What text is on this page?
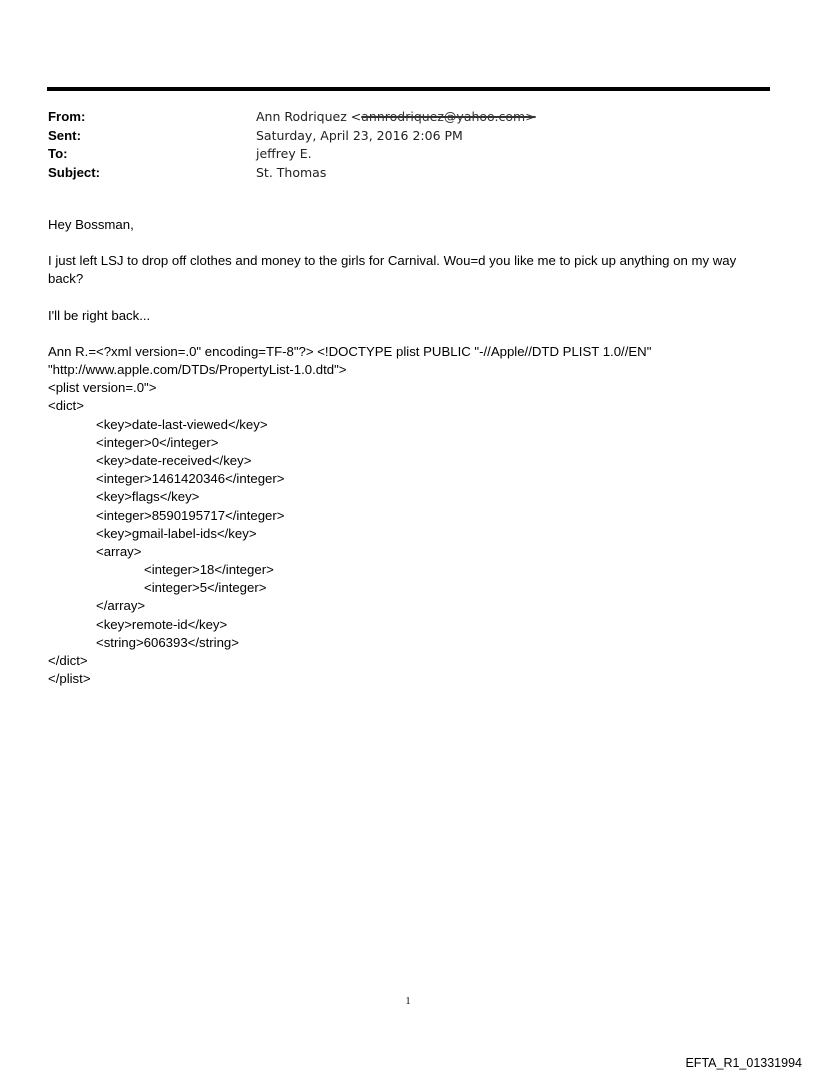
From:	Ann Rodriquez <annrodriquez@yahoo.com>
Sent:	Saturday, April 23, 2016 2:06 PM
To:	jeffrey E.
Subject:	St. Thomas

Hey Bossman,

I just left LSJ to drop off clothes and money to the girls for Carnival. Wou=d you like me to pick up anything on my way back?

I'll be right back...

Ann R.=<?xml version=.0" encoding=TF-8"?> <!DOCTYPE plist PUBLIC "-//Apple//DTD PLIST 1.0//EN"
"http://www.apple.com/DTDs/PropertyList-1.0.dtd">
<plist version=.0">
<dict>
<key>date-last-viewed</key>
<integer>0</integer>
<key>date-received</key>
<integer>1461420346</integer>
<key>flags</key>
<integer>8590195717</integer>
<key>gmail-label-ids</key>
<array>
<integer>18</integer>
<integer>5</integer>
</array>
<key>remote-id</key>
<string>606393</string>
</dict>
</plist>
1
EFTA_R1_01331994
